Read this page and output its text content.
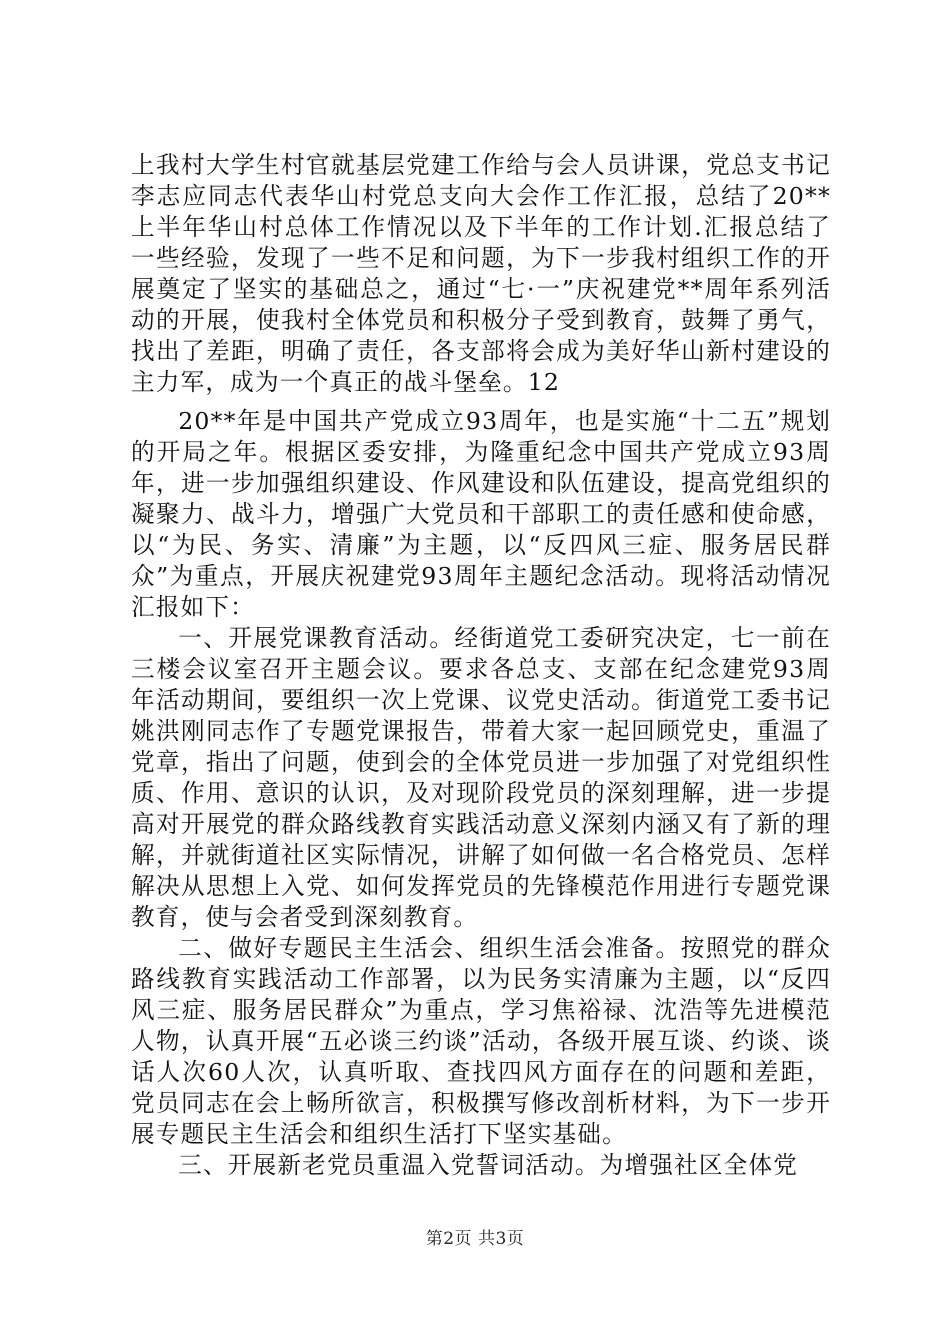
上我村大学生村官就基层党建工作给与会人员讲课，党总支书记李志应同志代表华山村党总支向大会作工作汇报，总结了20**上半年华山村总体工作情况以及下半年的工作计划.汇报总结了一些经验，发现了一些不足和问题，为下一步我村组织工作的开展奠定了坚实的基础总之，通过“七·一”庆祝建党**周年系列活动的开展，使我村全体党员和积极分子受到教育，鼓舞了勇气，找出了差距，明确了责任，各支部将会成为美好华山新村建设的主力军，成为一个真正的战斗堡垒。12

20**年是中国共产党成立93周年，也是实施“十二五”规划的开局之年。根据区委安排，为隆重纪念中国共产党成立93周年，进一步加强组织建设、作风建设和队伍建设，提高党组织的凝聚力、战斗力，增强广大党员和干部职工的责任感和使命感，以“为民、务实、清廉”为主题，以“反四风三症、服务居民群众”为重点，开展庆祝建党93周年主题纪念活动。现将活动情况汇报如下：

一、开展党课教育活动。经街道党工委研究决定，七一前在三楼会议室召开主题会议。要求各总支、支部在纪念建党93周年活动期间，要组织一次上党课、议党史活动。街道党工委书记姚洪刚同志作了专题党课报告，带着大家一起回顾党史，重温了党章，指出了问题，使到会的全体党员进一步加强了对党组织性质、作用、意识的认识，及对现阶段党员的深刻理解，进一步提高对开展党的群众路线教育实践活动意义深刻内涵又有了新的理解，并就街道社区实际情况，讲解了如何做一名合格党员、怎样解决从思想上入党、如何发挥党员的先锋模范作用进行专题党课教育，使与会者受到深刻教育。

二、做好专题民主生活会、组织生活会准备。按照党的群众路线教育实践活动工作部署，以为民务实清廉为主题，以“反四风三症、服务居民群众”为重点，学习焦裕禄、沈浩等先进模范人物，认真开展“五必谈三约谈”活动，各级开展互谈、约谈、谈话人次60人次，认真听取、查找四风方面存在的问题和差距，党员同志在会上畅所欲言，积极撰写修改剖析材料，为下一步开展专题民主生活会和组织生活打下坚实基础。

三、开展新老党员重温入党誓词活动。为增强社区全体党

第2页 共3页
